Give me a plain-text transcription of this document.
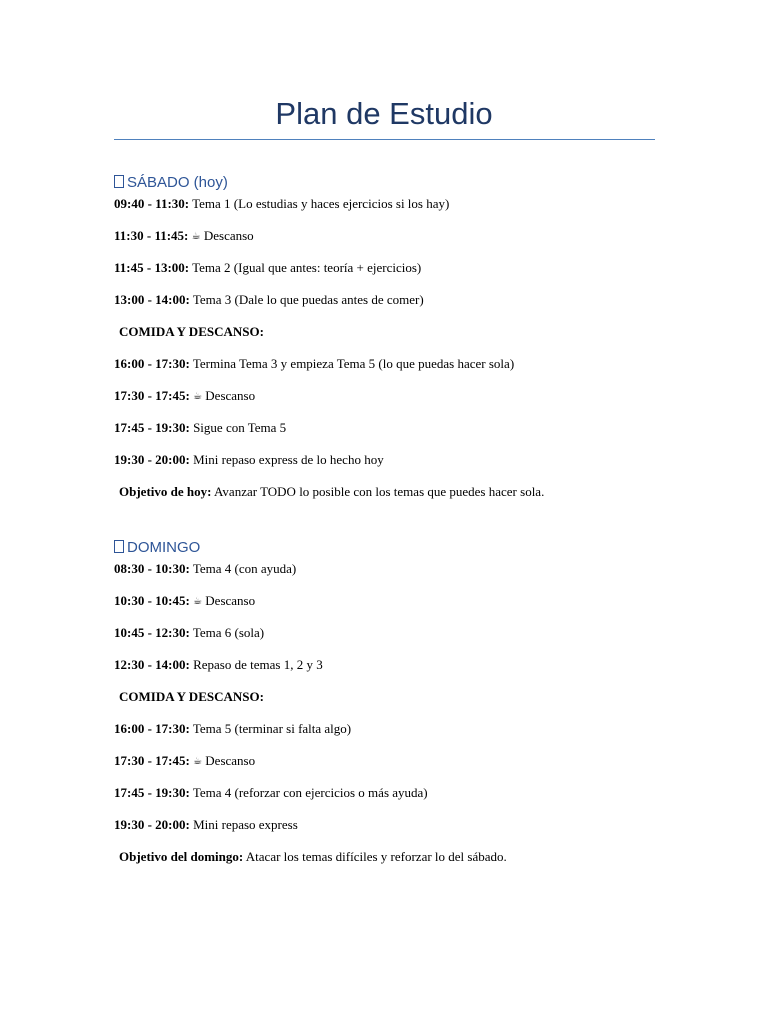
Plan de Estudio
SÁBADO (hoy)
09:40 - 11:30: Tema 1 (Lo estudias y haces ejercicios si los hay)
11:30 - 11:45: ☕ Descanso
11:45 - 13:00: Tema 2 (Igual que antes: teoría + ejercicios)
13:00 - 14:00: Tema 3 (Dale lo que puedas antes de comer)
COMIDA Y DESCANSO:
16:00 - 17:30: Termina Tema 3 y empieza Tema 5 (lo que puedas hacer sola)
17:30 - 17:45: ☕ Descanso
17:45 - 19:30: Sigue con Tema 5
19:30 - 20:00: Mini repaso express de lo hecho hoy
Objetivo de hoy: Avanzar TODO lo posible con los temas que puedes hacer sola.
DOMINGO
08:30 - 10:30: Tema 4 (con ayuda)
10:30 - 10:45: ☕ Descanso
10:45 - 12:30: Tema 6 (sola)
12:30 - 14:00: Repaso de temas 1, 2 y 3
COMIDA Y DESCANSO:
16:00 - 17:30: Tema 5 (terminar si falta algo)
17:30 - 17:45: ☕ Descanso
17:45 - 19:30: Tema 4 (reforzar con ejercicios o más ayuda)
19:30 - 20:00: Mini repaso express
Objetivo del domingo: Atacar los temas difíciles y reforzar lo del sábado.
